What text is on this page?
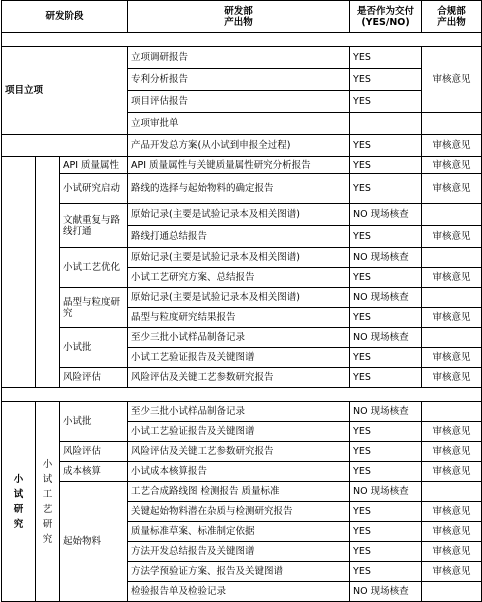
研发阶段			研发部
产出物	是否作为交付
(YES/NO)	合规部
产出物

项目立项			立项调研报告	YES	审核意见
			专利分析报告	YES	
			项目评估报告	YES	
			立项审批单		
			产品开发总方案(从小试到申报全过程)	YES	审核意见
		API 质量属性	API 质量属性与关键质量属性研究分析报告	YES	审核意见
		小试研究启动	路线的选择与起始物料的确定报告	YES	审核意见
		文献重复与路线打通	原始记录(主要是试验记录本及相关图谱)	NO 现场核查	
			路线打通总结报告	YES	审核意见
		小试工艺优化	原始记录(主要是试验记录本及相关图谱)	NO 现场核查	
			小试工艺研究方案、总结报告	YES	审核意见
		晶型与粒度研究	原始记录(主要是试验记录本及相关图谱)	NO 现场核查	
			晶型与粒度研究结果报告	YES	审核意见
		小试批	至少三批小试样品制备记录	NO 现场核查	
			小试工艺验证报告及关键图谱	YES	审核意见
		风险评估	风险评估及关键工艺参数研究报告	YES	审核意见

小试研究	小试工艺研究	小试批	至少三批小试样品制备记录	NO 现场核查	
			小试工艺验证报告及关键图谱	YES	审核意见
		风险评估	风险评估及关键工艺参数研究报告	YES	审核意见
		成本核算	小试成本核算报告	YES	审核意见
		起始物料	工艺合成路线图 检测报告 质量标准	NO 现场核查	
			关键起始物料潜在杂质与检测研究报告	YES	审核意见
			质量标准草案、标准制定依据	YES	审核意见
			方法开发总结报告及关键图谱	YES	审核意见
			方法学预验证方案、报告及关键图谱	YES	审核意见
			检验报告单及检验记录	NO 现场核查	
